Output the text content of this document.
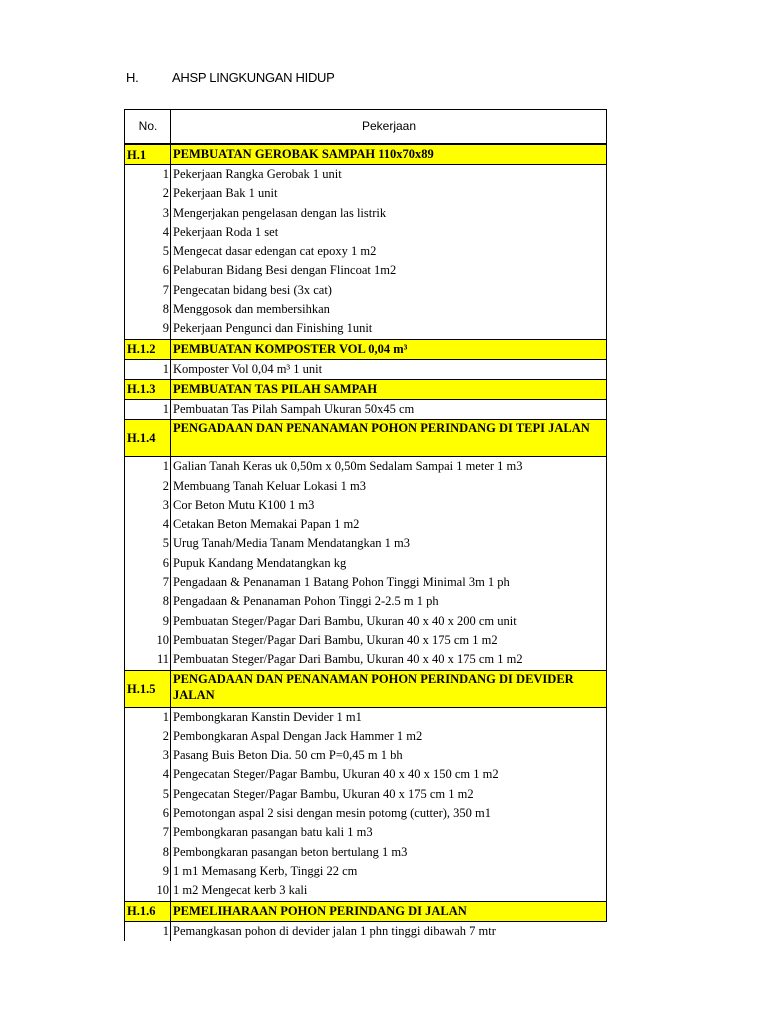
H.	AHSP LINGKUNGAN HIDUP
No.	Pekerjaan
H.1	PEMBUATAN GEROBAK SAMPAH 110x70x89
1	Pekerjaan Rangka Gerobak 1 unit
2	Pekerjaan Bak 1 unit
3	Mengerjakan pengelasan dengan las listrik
4	Pekerjaan Roda 1 set
5	Mengecat dasar edengan cat epoxy 1 m2
6	Pelaburan Bidang Besi dengan Flincoat 1m2
7	Pengecatan bidang besi (3x cat)
8	Menggosok dan membersihkan
9	Pekerjaan Pengunci dan Finishing 1unit
H.1.2	PEMBUATAN KOMPOSTER VOL 0,04 m³
1	Komposter Vol 0,04 m³ 1 unit
H.1.3	PEMBUATAN TAS PILAH SAMPAH
1	Pembuatan Tas Pilah Sampah Ukuran 50x45 cm
H.1.4	PENGADAAN DAN PENANAMAN POHON PERINDANG DI TEPI JALAN
1	Galian Tanah Keras uk 0,50m x 0,50m Sedalam Sampai 1 meter 1 m3
2	Membuang Tanah Keluar Lokasi 1 m3
3	Cor Beton Mutu K100 1 m3
4	Cetakan Beton Memakai Papan 1 m2
5	Urug Tanah/Media Tanam Mendatangkan 1 m3
6	Pupuk Kandang Mendatangkan kg
7	Pengadaan & Penanaman 1 Batang Pohon Tinggi Minimal 3m 1 ph
8	Pengadaan & Penanaman Pohon Tinggi 2-2.5 m 1 ph
9	Pembuatan Steger/Pagar Dari Bambu, Ukuran 40 x 40 x 200 cm unit
10	Pembuatan Steger/Pagar Dari Bambu, Ukuran 40 x 175 cm 1 m2
11	Pembuatan Steger/Pagar Dari Bambu, Ukuran 40 x 40 x 175 cm 1 m2
H.1.5	PENGADAAN DAN PENANAMAN POHON PERINDANG DI DEVIDER JALAN
1	Pembongkaran Kanstin Devider 1 m1
2	Pembongkaran Aspal Dengan Jack Hammer 1 m2
3	Pasang Buis Beton Dia. 50 cm P=0,45 m 1 bh
4	Pengecatan Steger/Pagar Bambu, Ukuran 40 x 40 x 150 cm 1 m2
5	Pengecatan Steger/Pagar Bambu, Ukuran 40 x 175 cm 1 m2
6	Pemotongan aspal 2 sisi dengan mesin potomg (cutter), 350 m1
7	Pembongkaran pasangan batu kali 1 m3
8	Pembongkaran pasangan beton bertulang 1 m3
9	1 m1 Memasang Kerb, Tinggi 22 cm
10	1 m2 Mengecat kerb 3 kali
H.1.6	PEMELIHARAAN POHON PERINDANG DI JALAN
1	Pemangkasan pohon di devider jalan 1 phn tinggi dibawah 7 mtr
